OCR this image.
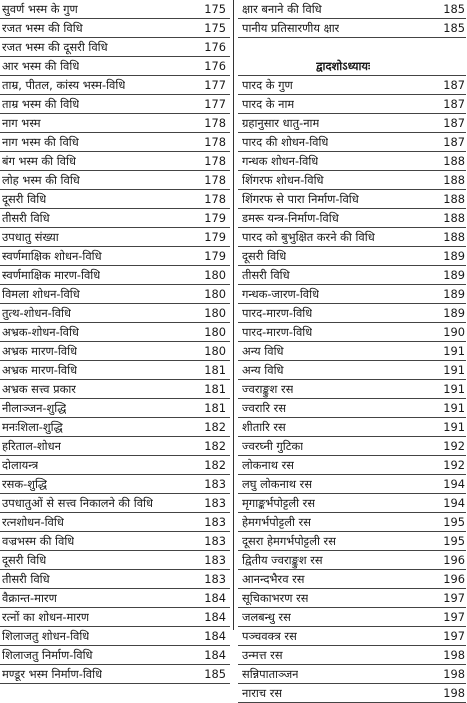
सुवर्ण भस्म के गुण	175
रजत भस्म की विधि	175
रजत भस्म की दूसरी विधि	176
आर भस्म की विधि	176
ताम्र, पीतल, कांस्य भस्म-विधि	177
ताम्र भस्म की विधि	177
नाग भस्म	178
नाग भस्म की विधि	178
बंग भस्म की विधि	178
लोह भस्म की विधि	178
दूसरी विधि	178
तीसरी विधि	179
उपधातु संख्या	179
स्वर्णमाक्षिक शोधन-विधि	179
स्वर्णमाक्षिक मारण-विधि	180
विमला शोधन-विधि	180
तुत्थ-शोधन-विधि	180
अभ्रक-शोधन-विधि	180
अभ्रक मारण-विधि	180
अभ्रक मारण-विधि	181
अभ्रक सत्त्व प्रकार	181
नीलाञ्जन-शुद्धि	181
मनःशिला-शुद्धि	182
हरिताल-शोधन	182
दोलायन्त्र	182
रसक-शुद्धि	183
उपधातुओं से सत्त्व निकालने की विधि	183
रत्नशोधन-विधि	183
वज्रभस्म की विधि	183
दूसरी विधि	183
तीसरी विधि	183
वैक्रान्त-मारण	184
रत्नों का शोधन-मारण	184
शिलाजतु शोधन-विधि	184
शिलाजतु निर्माण-विधि	184
मण्डूर भस्म निर्माण-विधि	185
क्षार बनाने की विधि	185
पानीय प्रतिसारणीय क्षार	185
द्वादशोऽध्यायः
पारद के गुण	187
पारद के नाम	187
ग्रहानुसार धातु-नाम	187
पारद की शोधन-विधि	187
गन्धक शोधन-विधि	188
शिंगरफ शोधन-विधि	188
शिंगरफ से पारा निर्माण-विधि	188
डमरू यन्त्र-निर्माण-विधि	188
पारद को बुभुक्षित करने की विधि	188
दूसरी विधि	189
तीसरी विधि	189
गन्धक-जारण-विधि	189
पारद-मारण-विधि	189
पारद-मारण-विधि	190
अन्य विधि	191
अन्य विधि	191
ज्वराङ्कुश रस	191
ज्वरारि रस	191
शीतारि रस	191
ज्वरघ्नी गुटिका	192
लोकनाथ रस	192
लघु लोकनाथ रस	194
मृगाङ्कर्भपोट्टली रस	194
हेमगर्भपोट्टली रस	195
दूसरा हेमगर्भपोट्टली रस	195
द्वितीय ज्वराङ्कुश रस	196
आनन्दभैरव रस	196
सूचिकाभरण रस	197
जलबन्धु रस	197
पञ्चवक्त्र रस	197
उन्मत्त रस	198
सन्निपाताञ्जन	198
नाराच रस	198
